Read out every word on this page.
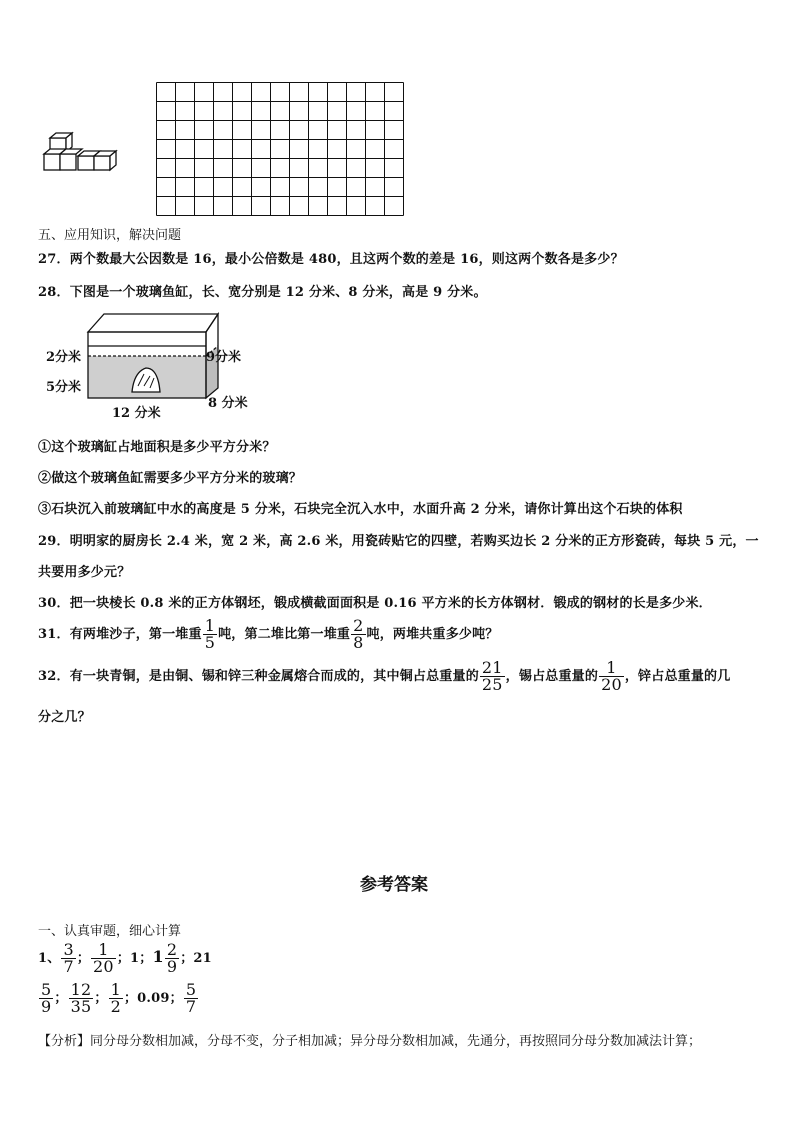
五、应用知识，解决问题
27．两个数最大公因数是 16，最小公倍数是 480，且这两个数的差是 16，则这两个数各是多少？
28．下图是一个玻璃鱼缸，长、宽分别是 12 分米、8 分米，高是 9 分米。
2分米
5分米
9分米
8 分米
12 分米
①这个玻璃缸占地面积是多少平方分米？
②做这个玻璃鱼缸需要多少平方分米的玻璃？
③石块沉入前玻璃缸中水的高度是 5 分米，石块完全沉入水中，水面升高 2 分米，请你计算出这个石块的体积
29．明明家的厨房长 2.4 米，宽 2 米，高 2.6 米，用瓷砖贴它的四壁，若购买边长 2 分米的正方形瓷砖，每块 5 元，一
共要用多少元？
30．把一块棱长 0.8 米的正方体钢坯，锻成横截面面积是 0.16 平方米的长方体钢材．锻成的钢材的长是多少米．
31．有两堆沙子，第一堆重 $\frac{1}{5}$ 吨，第二堆比第一堆重 $\frac{2}{8}$ 吨，两堆共重多少吨？
32．有一块青铜，是由铜、锡和锌三种金属熔合而成的，其中铜占总重量的 $\frac{21}{25}$ ，锡占总重量的 $\frac{1}{20}$ ，锌占总重量的几
分之几？
参考答案
一、认真审题，细心计算
1、 $\frac{3}{7}$ ； $\frac{1}{20}$ ；1；$1 \frac{2}{9}$ ；21
$\frac{5}{9}$ ； $\frac{12}{35}$ ； $\frac{1}{2}$ ；0.09； $\frac{5}{7}$
【分析】同分母分数相加减，分母不变，分子相加减；异分母分数相加减，先通分，再按照同分母分数加减法计算；
